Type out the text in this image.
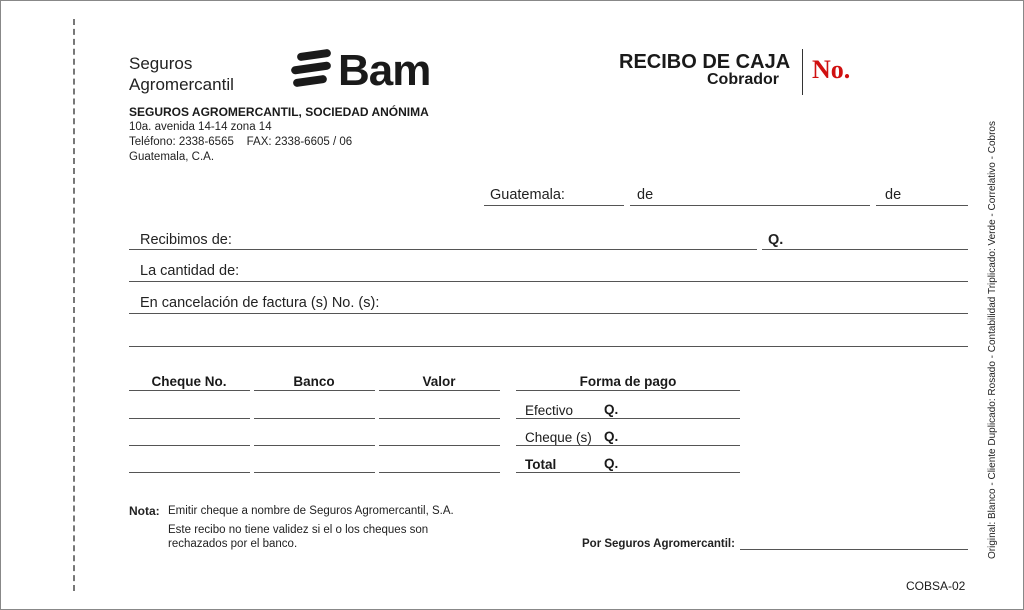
Seguros
Agromercantil Bam
SEGUROS AGROMERCANTIL, SOCIEDAD ANÓNIMA
10a. avenida 14-14 zona 14
Teléfono: 2338-6565    FAX: 2338-6605 / 06
Guatemala, C.A.
RECIBO DE CAJA
Cobrador No.
Original: Blanco - Cliente Duplicado: Rosado - Contabilidad Triplicado: Verde - Correlativo - Cobros
Guatemala:	de	de
Recibimos de:	Q.
La cantidad de:
En cancelación de factura (s) No. (s):
Cheque No.	Banco	Valor	Forma de pago
Efectivo Q.
Cheque (s) Q.
Total	Q.
Nota: Emitir cheque a nombre de Seguros Agromercantil, S.A.
Este recibo no tiene validez si el o los cheques son
rechazados por el banco.	Por Seguros Agromercantil:
COBSA-02
